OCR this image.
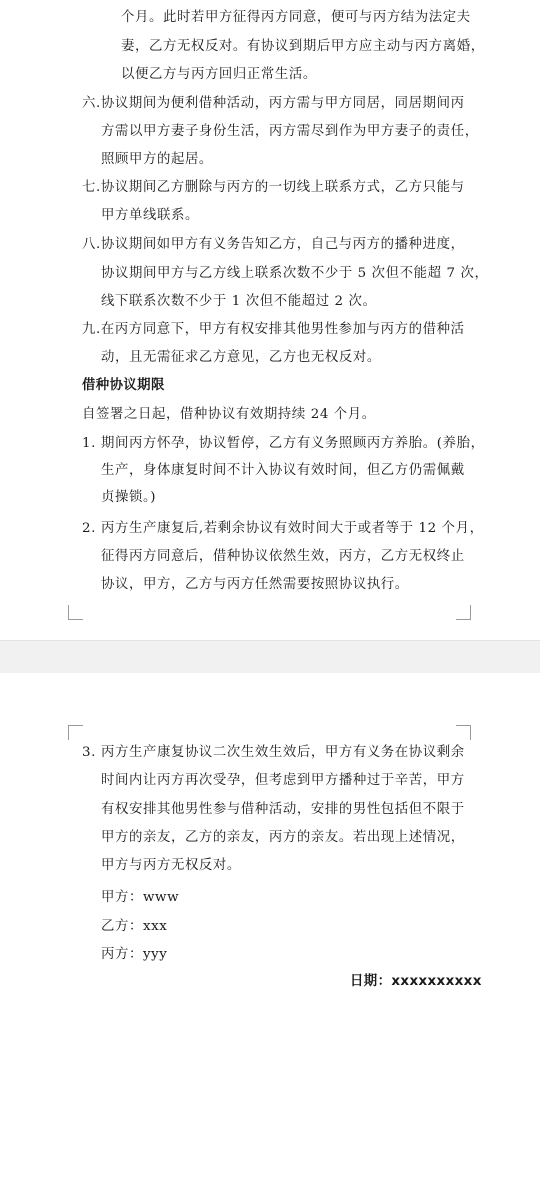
个月。此时若甲方征得丙方同意，便可与丙方结为法定夫
妻，乙方无权反对。有协议到期后甲方应主动与丙方离婚，
以便乙方与丙方回归正常生活。
六.协议期间为便利借种活动，丙方需与甲方同居，同居期间丙
方需以甲方妻子身份生活，丙方需尽到作为甲方妻子的责任，
照顾甲方的起居。
七.协议期间乙方删除与丙方的一切线上联系方式，乙方只能与
甲方单线联系。
八.协议期间如甲方有义务告知乙方，自己与丙方的播种进度，
协议期间甲方与乙方线上联系次数不少于 5 次但不能超 7 次，
线下联系次数不少于 1 次但不能超过 2 次。
九.在丙方同意下，甲方有权安排其他男性参加与丙方的借种活
动，且无需征求乙方意见，乙方也无权反对。
借种协议期限
自签署之日起，借种协议有效期持续 24 个月。
1. 期间丙方怀孕，协议暂停，乙方有义务照顾丙方养胎。(养胎，
生产，身体康复时间不计入协议有效时间，但乙方仍需佩戴
贞操锁。)
2. 丙方生产康复后,若剩余协议有效时间大于或者等于 12 个月，
征得丙方同意后，借种协议依然生效，丙方，乙方无权终止
协议，甲方，乙方与丙方任然需要按照协议执行。
3. 丙方生产康复协议二次生效生效后，甲方有义务在协议剩余
时间内让丙方再次受孕，但考虑到甲方播种过于辛苦，甲方
有权安排其他男性参与借种活动，安排的男性包括但不限于
甲方的亲友，乙方的亲友，丙方的亲友。若出现上述情况，
甲方与丙方无权反对。
甲方：www
乙方：xxx
丙方：yyy
日期：xxxxxxxxxx
